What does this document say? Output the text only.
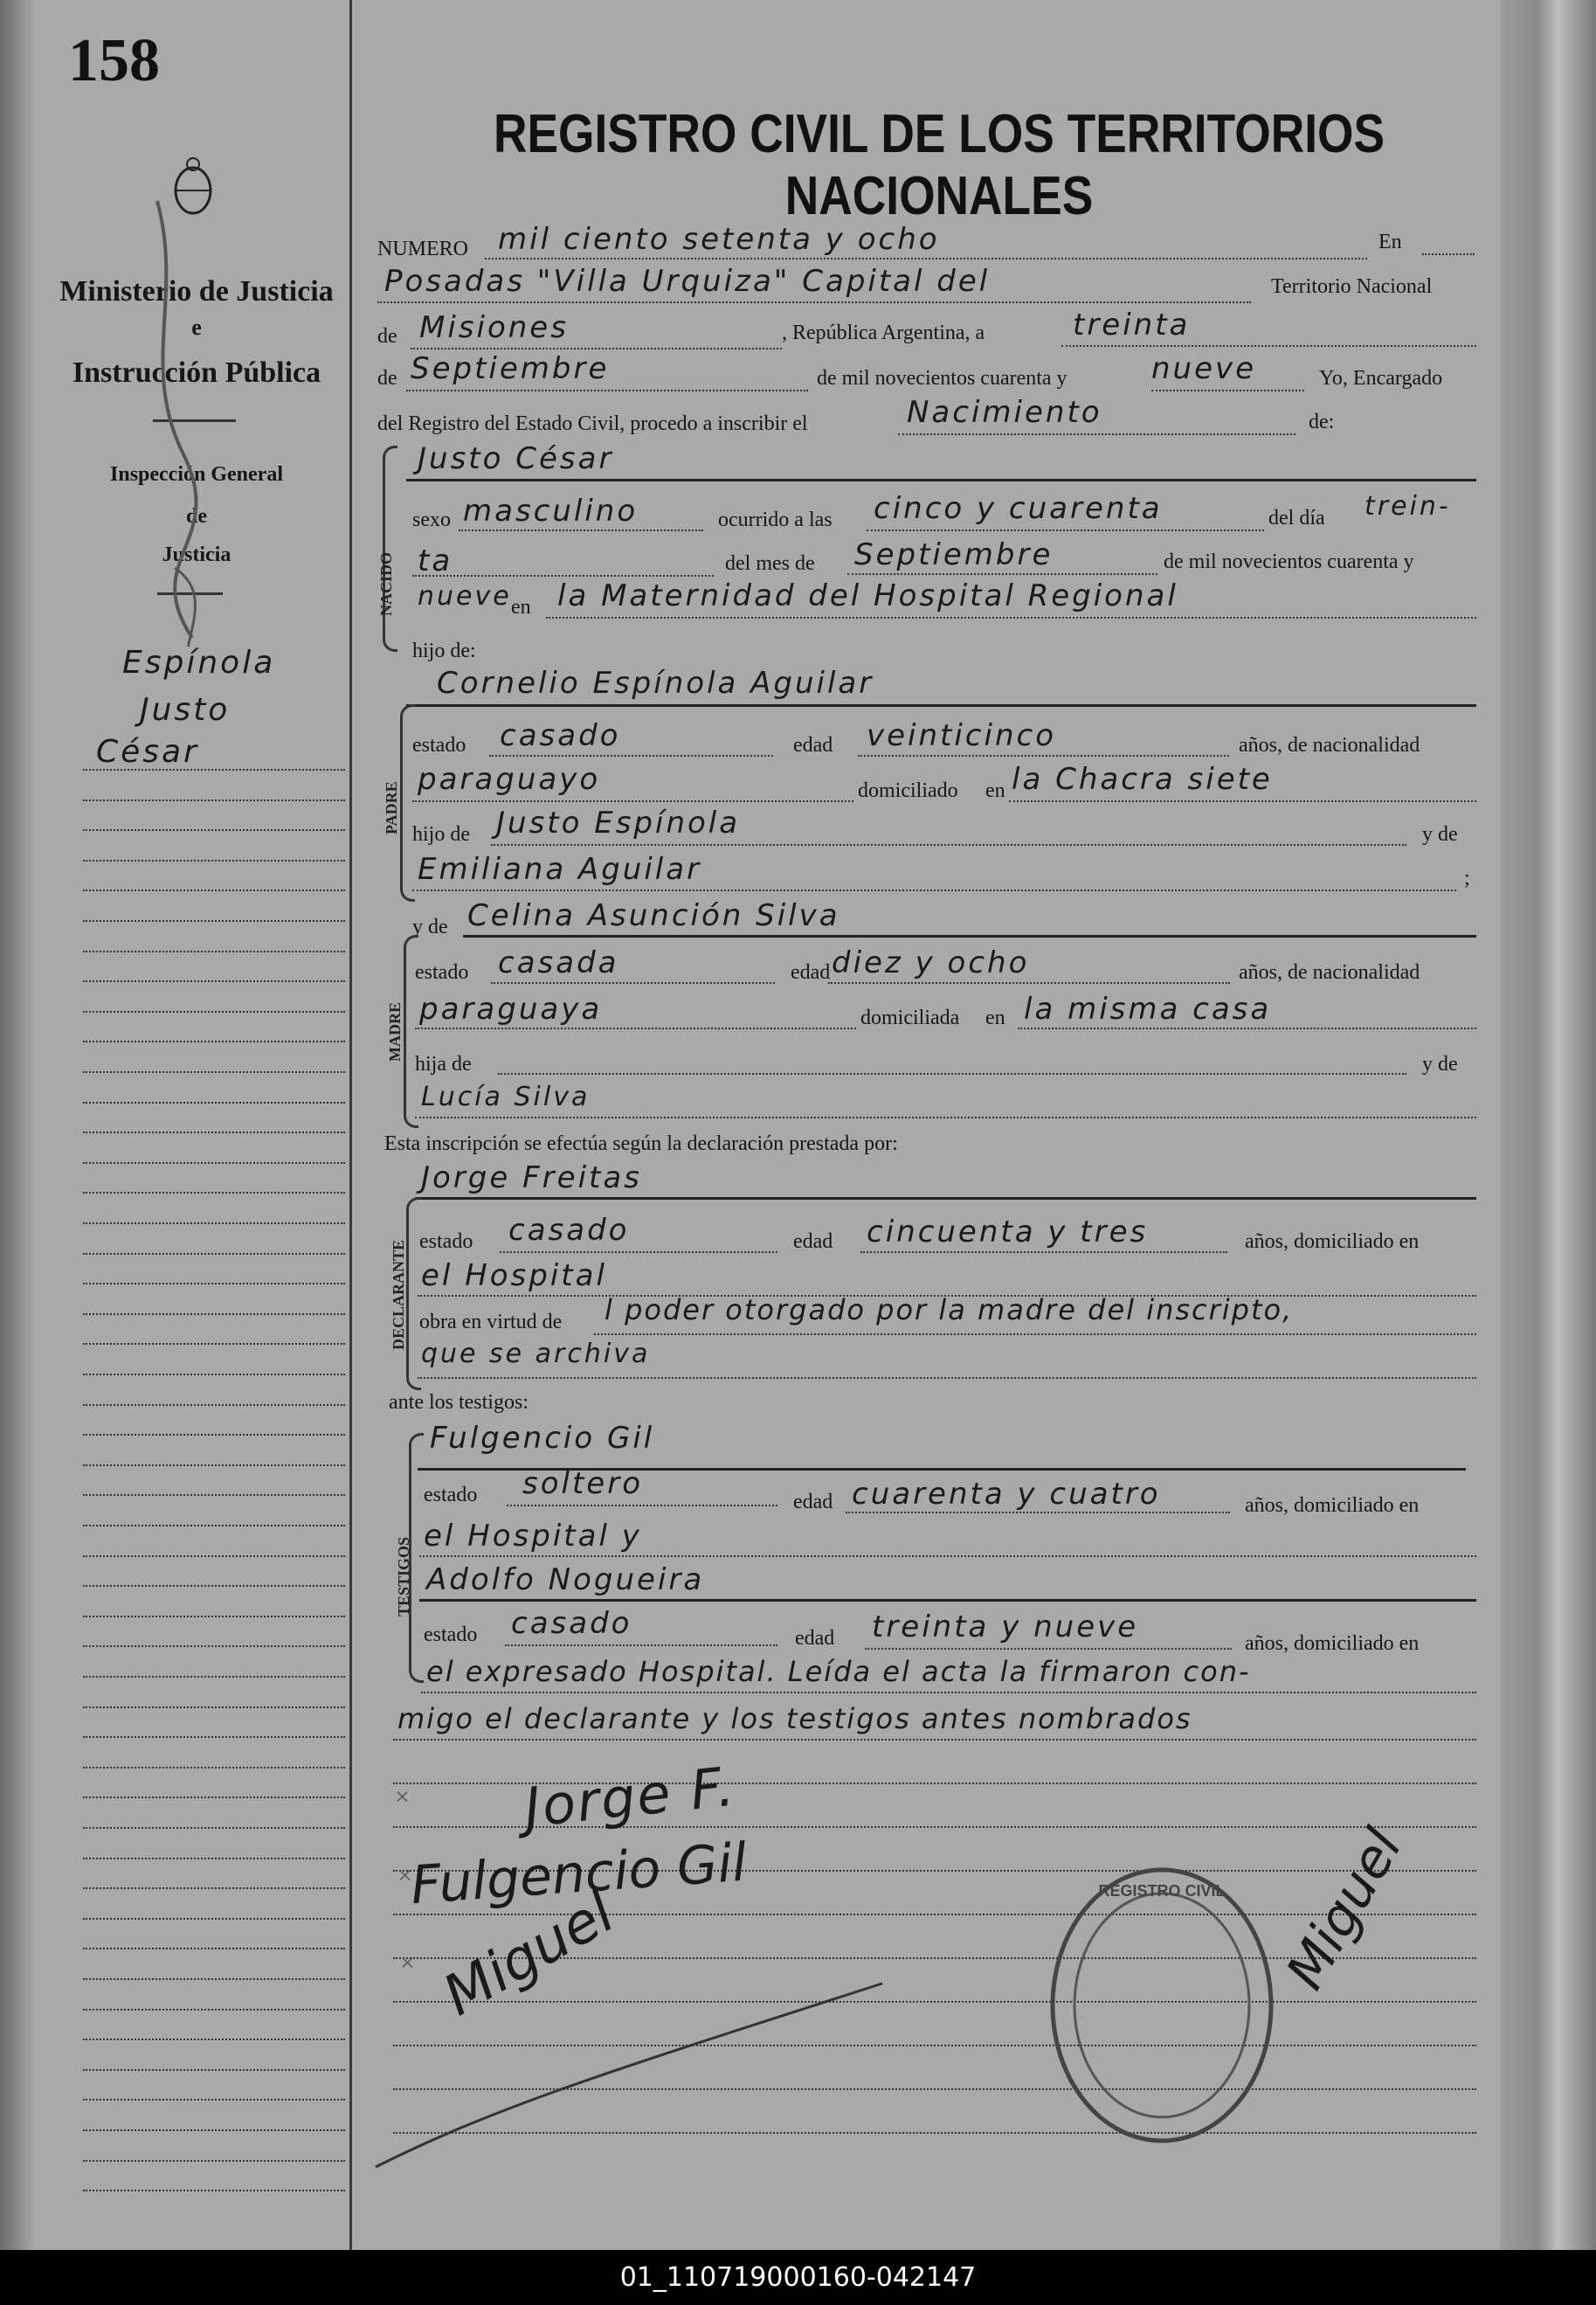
158
Ministerio de Justicia
e
Instrucción Pública
Inspección General
de
Justicia
Espínola
Justo
César
REGISTRO CIVIL DE LOS TERRITORIOS NACIONALES
NUMERO mil ciento setenta y ocho	En
Posadas "Villa Urquiza" Capital del	Territorio Nacional
de Misiones	, República Argentina, a	treinta
de Septiembre	de mil novecientos cuarenta y	nueve	Yo, Encargado
del Registro del Estado Civil, procedo a inscribir el	Nacimiento	de:
NACIDO
Justo César
sexo masculino	ocurrido a las cinco y cuarenta	del día trein-
ta	del mes de Septiembre	de mil novecientos cuarenta y
nueve en la Maternidad del Hospital Regional
hijo de:
Cornelio Espínola Aguilar
PADRE
estado casado	edad veinticinco	años, de nacionalidad
paraguayo	domiciliado en la Chacra siete
hijo de Justo Espínola	y de
Emiliana Aguilar	;
y de Celina Asunción Silva
MADRE
estado casada	edad diez y ocho	años, de nacionalidad
paraguaya	domiciliada en la misma casa
hija de	y de
Lucía Silva
Esta inscripción se efectúa según la declaración prestada por:
Jorge Freitas
DECLARANTE estado casado	edad cincuenta y tres	años, domiciliado en
el Hospital
obra en virtud de l poder otorgado por la madre del inscripto,
que se archiva
ante los testigos:
Fulgencio Gil
TESTIGOS
estado soltero
edad cuarenta y cuatro	años, domiciliado en
el Hospital y
Adolfo Nogueira
estado casado	edad treinta y nueve	años, domiciliado en
el expresado Hospital. Leída el acta la firmaron con-
migo el declarante y los testigos antes nombrados
Jorge F.
Fulgencio Gil
Miguel	Miguel
REGISTRO CIVIL
×
×
×
01_110719000160-042147
